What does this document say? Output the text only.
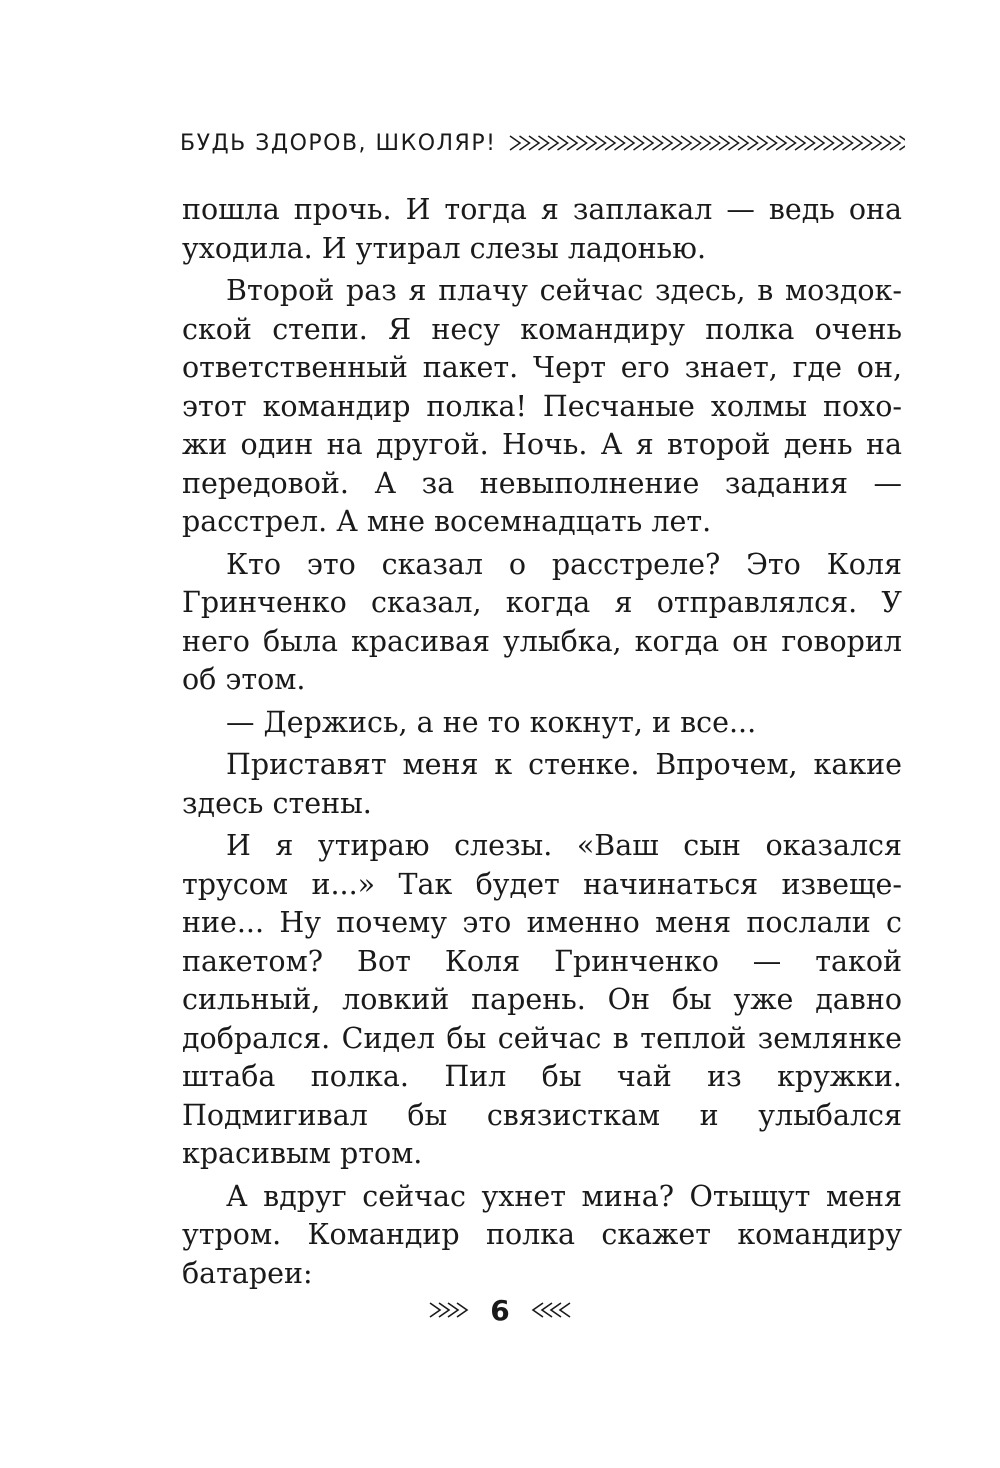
БУДЬ ЗДОРОВ, ШКОЛЯР!

пошла прочь. И тогда я заплакал — ведь она уходила. И утирал слезы ладонью.

Второй раз я плачу сейчас здесь, в моздокской степи. Я несу командиру полка очень ответственный пакет. Черт его знает, где он, этот командир полка! Песчаные холмы похожи один на другой. Ночь. А я второй день на передовой. А за невыполнение задания — расстрел. А мне восемнадцать лет.

Кто это сказал о расстреле? Это Коля Гринченко сказал, когда я отправлялся. У него была красивая улыбка, когда он говорил об этом.

— Держись, а не то кокнут, и все...

Приставят меня к стенке. Впрочем, какие здесь стены.

И я утираю слезы. «Ваш сын оказался трусом и...» Так будет начинаться извещение... Ну почему это именно меня послали с пакетом? Вот Коля Гринченко — такой сильный, ловкий парень. Он бы уже давно добрался. Сидел бы сейчас в теплой землянке штаба полка. Пил бы чай из кружки. Подмигивал бы связисткам и улыбался красивым ртом.

А вдруг сейчас ухнет мина? Отыщут меня утром. Командир полка скажет командиру батареи:

6
